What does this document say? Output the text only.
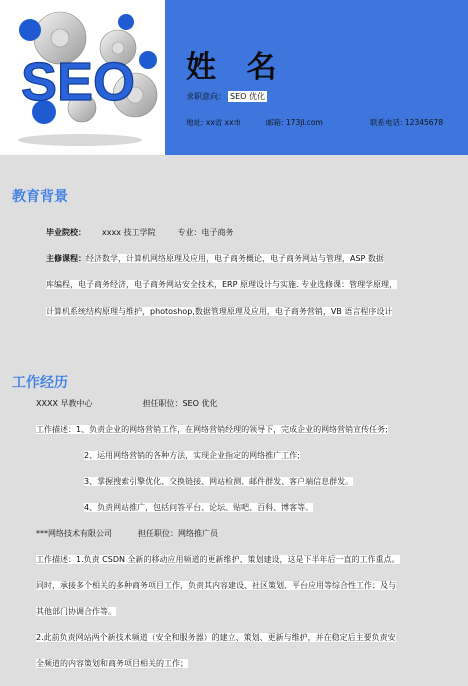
SEO 姓 名
求职意向： SEO 优化
地址: xx省 xx市	邮箱: 173jl.com	联系电话: 12345678
教育背景
毕业院校： xxxx 技工学院	专业：电子商务
主修课程：经济数学，计算机网络原理及应用，电子商务概论，电子商务网站与管理，ASP 数据
库编程，电子商务经济，电子商务网站安全技术，ERP 原理设计与实施. 专业选修课：管理学原理，
计算机系统结构原理与维护，photoshop,数据管理原理及应用，电子商务营销，VB 语言程序设计
工作经历
XXXX 早教中心	担任职位：SEO 优化
工作描述：1、负责企业的网络营销工作，在网络营销经理的领导下，完成企业的网络营销宣传任务;
2、运用网络营销的各种方法，实现企业指定的网络推广工作;
3、掌握搜索引擎优化、交换链接、网站检测、邮件群发、客户端信息群发。
4、负责网站推广，包括问答平台、论坛、贴吧、百科、博客等。
***网络技术有限公司	担任职位：网络推广员
工作描述：1.负责 CSDN 全新的移动应用频道的更新维护、策划建设，这是下半年后一直的工作重点。
同时，承接多个相关的多种商务项目工作，负责其内容建设、社区策划、平台应用等综合性工作；及与
其他部门协调合作等。
2.此前负责网站两个新技术频道（安全和服务器）的建立、策划、更新与维护，并在稳定后主要负责安
全频道的内容策划和商务项目相关的工作；
